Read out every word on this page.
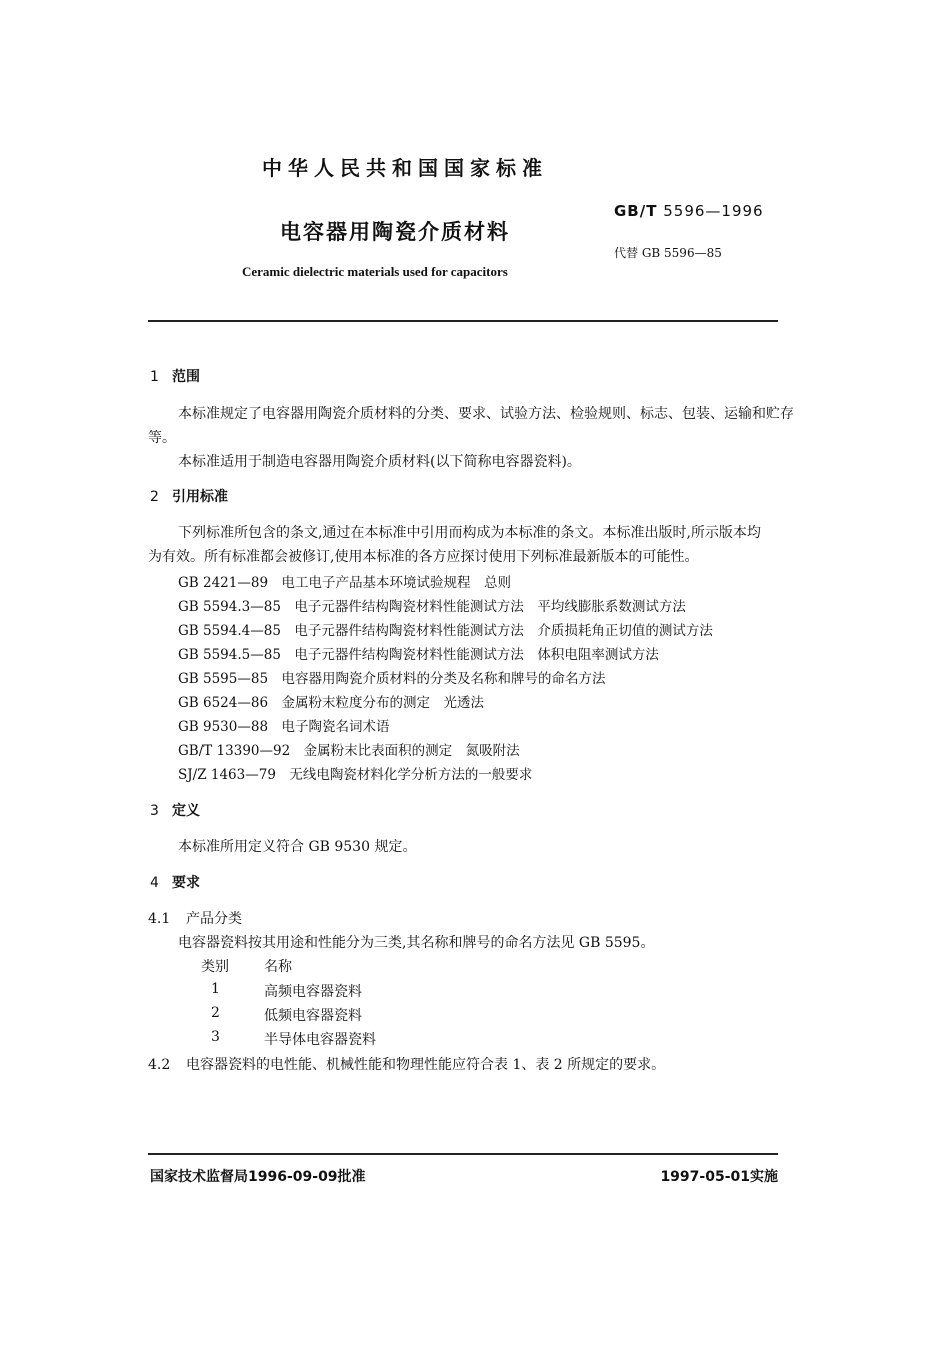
中华人民共和国国家标准
GB/T 5596—1996
电容器用陶瓷介质材料
代替 GB 5596—85
Ceramic dielectric materials used for capacitors
1 范围
本标准规定了电容器用陶瓷介质材料的分类、要求、试验方法、检验规则、标志、包装、运输和贮存
等。
本标准适用于制造电容器用陶瓷介质材料(以下简称电容器瓷料)。
2 引用标准
下列标准所包含的条文,通过在本标准中引用而构成为本标准的条文。本标准出版时,所示版本均
为有效。所有标准都会被修订,使用本标准的各方应探讨使用下列标准最新版本的可能性。
GB 2421—89　电工电子产品基本环境试验规程　总则
GB 5594.3—85　电子元器件结构陶瓷材料性能测试方法　平均线膨胀系数测试方法
GB 5594.4—85　电子元器件结构陶瓷材料性能测试方法　介质损耗角正切值的测试方法
GB 5594.5—85　电子元器件结构陶瓷材料性能测试方法　体积电阻率测试方法
GB 5595—85　电容器用陶瓷介质材料的分类及名称和牌号的命名方法
GB 6524—86　金属粉末粒度分布的测定　光透法
GB 9530—88　电子陶瓷名词术语
GB/T 13390—92　金属粉末比表面积的测定　氮吸附法
SJ/Z 1463—79　无线电陶瓷材料化学分析方法的一般要求
3 定义
本标准所用定义符合 GB 9530 规定。
4 要求
4.1 产品分类
电容器瓷料按其用途和性能分为三类,其名称和牌号的命名方法见 GB 5595。
类别	名称
1	高频电容器瓷料
2	低频电容器瓷料
3	半导体电容器瓷料
4.2 电容器瓷料的电性能、机械性能和物理性能应符合表 1、表 2 所规定的要求。
国家技术监督局1996-09-09批准	1997-05-01实施
